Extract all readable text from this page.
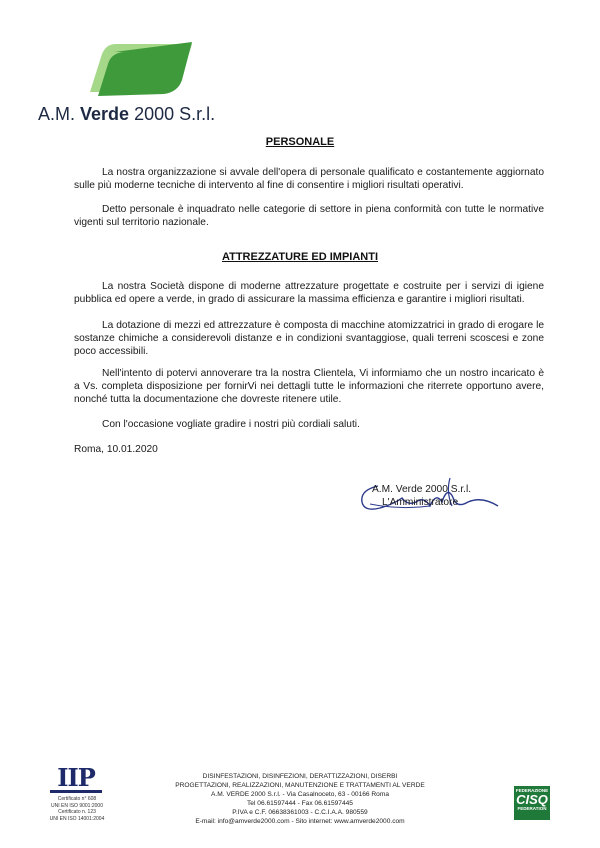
A.M. Verde 2000 S.r.l.
PERSONALE
La nostra organizzazione si avvale dell'opera di personale qualificato e costantemente aggiornato sulle più moderne tecniche di intervento al fine di consentire i migliori risultati operativi.
Detto personale è inquadrato nelle categorie di settore in piena conformità con tutte le normative vigenti sul territorio nazionale.
ATTREZZATURE ED IMPIANTI
La nostra Società dispone di moderne attrezzature progettate e costruite per i servizi di igiene pubblica ed opere a verde, in grado di assicurare la massima efficienza e garantire i migliori risultati.
La dotazione di mezzi ed attrezzature è composta di macchine atomizzatrici in grado di erogare le sostanze chimiche a considerevoli distanze e in condizioni svantaggiose, quali terreni scoscesi e zone poco accessibili.
Nell'intento di potervi annoverare tra la nostra Clientela, Vi informiamo che un nostro incaricato è a Vs. completa disposizione per fornirVi nei dettagli tutte le informazioni che riterrete opportuno avere, nonché tutta la documentazione che dovreste ritenere utile.
Con l'occasione vogliate gradire i nostri più cordiali saluti.
Roma, 10.01.2020
A.M. Verde 2000 S.r.l.
L'Amministratore
IIP
Certificato n° 608
UNI EN ISO 9001:2000
Certificato n. 123
UNI EN ISO 14001:2004
DISINFESTAZIONI, DISINFEZIONI, DERATTIZZAZIONI, DISERBI
PROGETTAZIONI, REALIZZAZIONI, MANUTENZIONE E TRATTAMENTI AL VERDE
A.M. VERDE 2000 S.r.l. - Via Casalnoceto, 63 - 00166 Roma
Tel 06.61597444 - Fax 06.61597445
P.IVA e C.F. 06638361003 - C.C.I.A.A. 980559
E-mail: info@amverde2000.com - Sito internet: www.amverde2000.com
FEDERAZIONE
CISQ
FEDERATION
